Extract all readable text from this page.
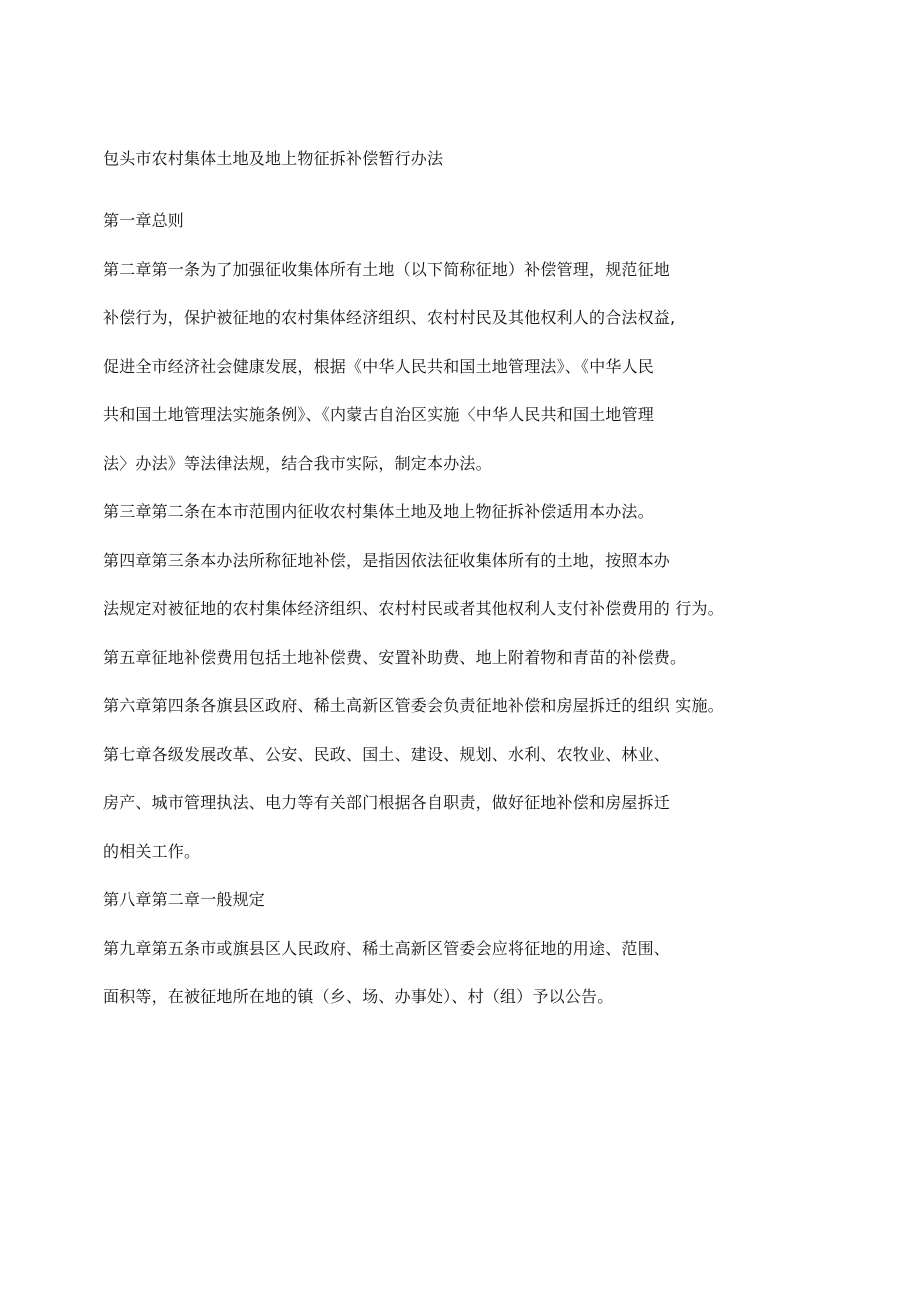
包头市农村集体土地及地上物征拆补偿暂行办法
第一章总则
第二章第一条为了加强征收集体所有土地（以下简称征地）补偿管理，规范征地
补偿行为，保护被征地的农村集体经济组织、农村村民及其他权利人的合法权益,
促进全市经济社会健康发展，根据《中华人民共和国土地管理法》、《中华人民
共和国土地管理法实施条例》、《内蒙古自治区实施〈中华人民共和国土地管理
法〉办法》等法律法规，结合我市实际，制定本办法。
第三章第二条在本市范围内征收农村集体土地及地上物征拆补偿适用本办法。
第四章第三条本办法所称征地补偿，是指因依法征收集体所有的土地，按照本办
法规定对被征地的农村集体经济组织、农村村民或者其他权利人支付补偿费用的 行为。
第五章征地补偿费用包括土地补偿费、安置补助费、地上附着物和青苗的补偿费。
第六章第四条各旗县区政府、稀土高新区管委会负责征地补偿和房屋拆迁的组织 实施。
第七章各级发展改革、公安、民政、国土、建设、规划、水利、农牧业、林业、
房产、城市管理执法、电力等有关部门根据各自职责，做好征地补偿和房屋拆迁
的相关工作。
第八章第二章一般规定
第九章第五条市或旗县区人民政府、稀土高新区管委会应将征地的用途、范围、
面积等，在被征地所在地的镇（乡、场、办事处）、村（组）予以公告。
